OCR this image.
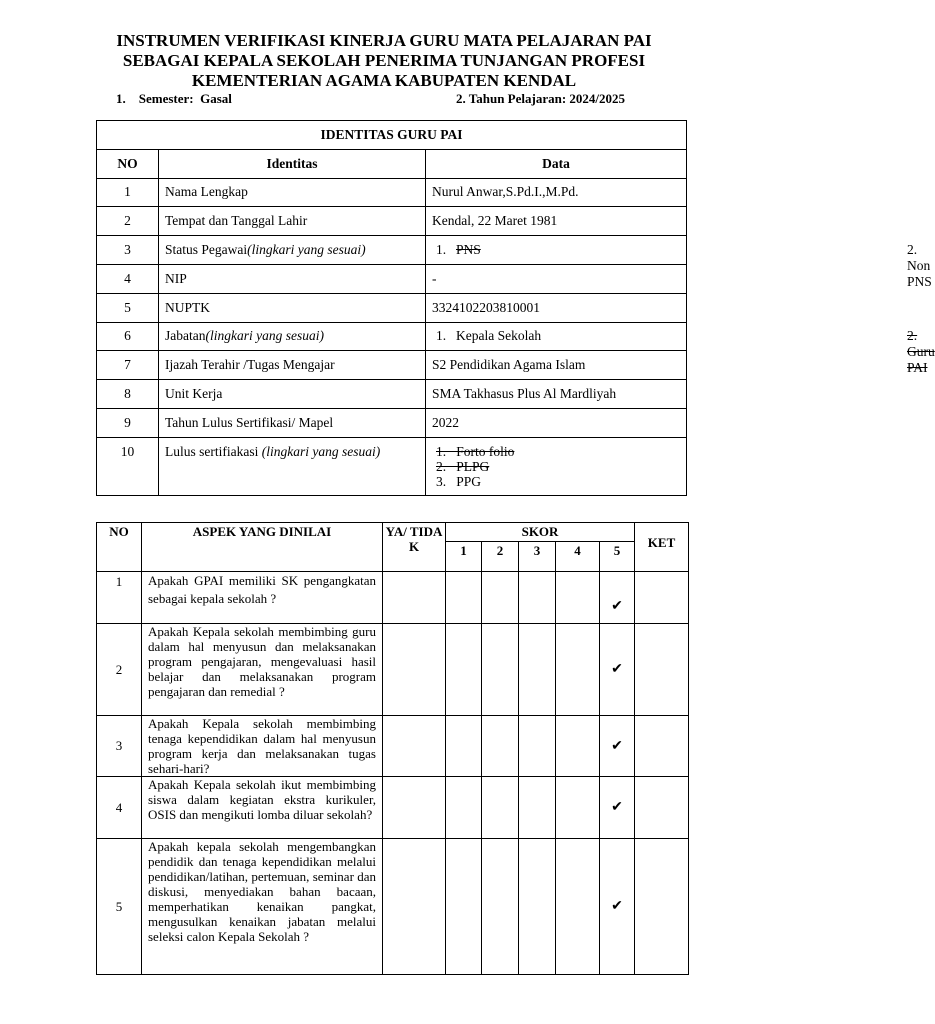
INSTRUMEN VERIFIKASI KINERJA GURU MATA PELAJARAN PAI
SEBAGAI KEPALA SEKOLAH PENERIMA TUNJANGAN PROFESI
KEMENTERIAN AGAMA KABUPATEN KENDAL
1.    Semester:  Gasal	2. Tahun Pelajaran: 2024/2025
IDENTITAS GURU PAI		
NO	Identitas	Data
1	Nama Lengkap	Nurul Anwar,S.Pd.I.,M.Pd.
2	Tempat dan Tanggal Lahir	Kendal, 22 Maret 1981
3	Status Pegawai(lingkari yang sesuai)	1. PNS 2. Non PNS

4	NIP	-
5	NUPTK	3324102203810001
6	Jabatan(lingkari yang sesuai)	1. Kepala Sekolah 2. Guru PAI

7	Ijazah Terahir /Tugas Mengajar	S2 Pendidikan Agama Islam
8	Unit Kerja	SMA Takhasus Plus Al Mardliyah
9	Tahun Lulus Sertifikasi/ Mapel	2022
10	Lulus sertifiakasi (lingkari yang sesuai)	1.   Forto folio
2.   PLPG
3.   PPG
NO	ASPEK YANG DINILAI	YA/ TIDA K	SKOR					KET
			1	2	3	4	5	
1	Apakah GPAI memiliki SK pengangkatan sebagai kepala sekolah ?						✔	
2	Apakah Kepala sekolah membimbing guru dalam hal menyusun dan melaksanakan program pengajaran, mengevaluasi hasil belajar dan melaksanakan program pengajaran dan remedial ?						✔	
3	Apakah Kepala sekolah membimbing tenaga kependidikan dalam hal menyusun program kerja dan melaksanakan tugas sehari-hari?						✔	
4	Apakah Kepala sekolah ikut membimbing siswa dalam kegiatan ekstra kurikuler, OSIS dan mengikuti lomba diluar sekolah?						✔	
5	Apakah kepala sekolah mengembangkan pendidik dan tenaga kependidikan melalui pendidikan/latihan, pertemuan, seminar dan diskusi, menyediakan bahan bacaan, memperhatikan kenaikan pangkat, mengusulkan kenaikan jabatan melalui seleksi calon Kepala Sekolah ?						✔	
